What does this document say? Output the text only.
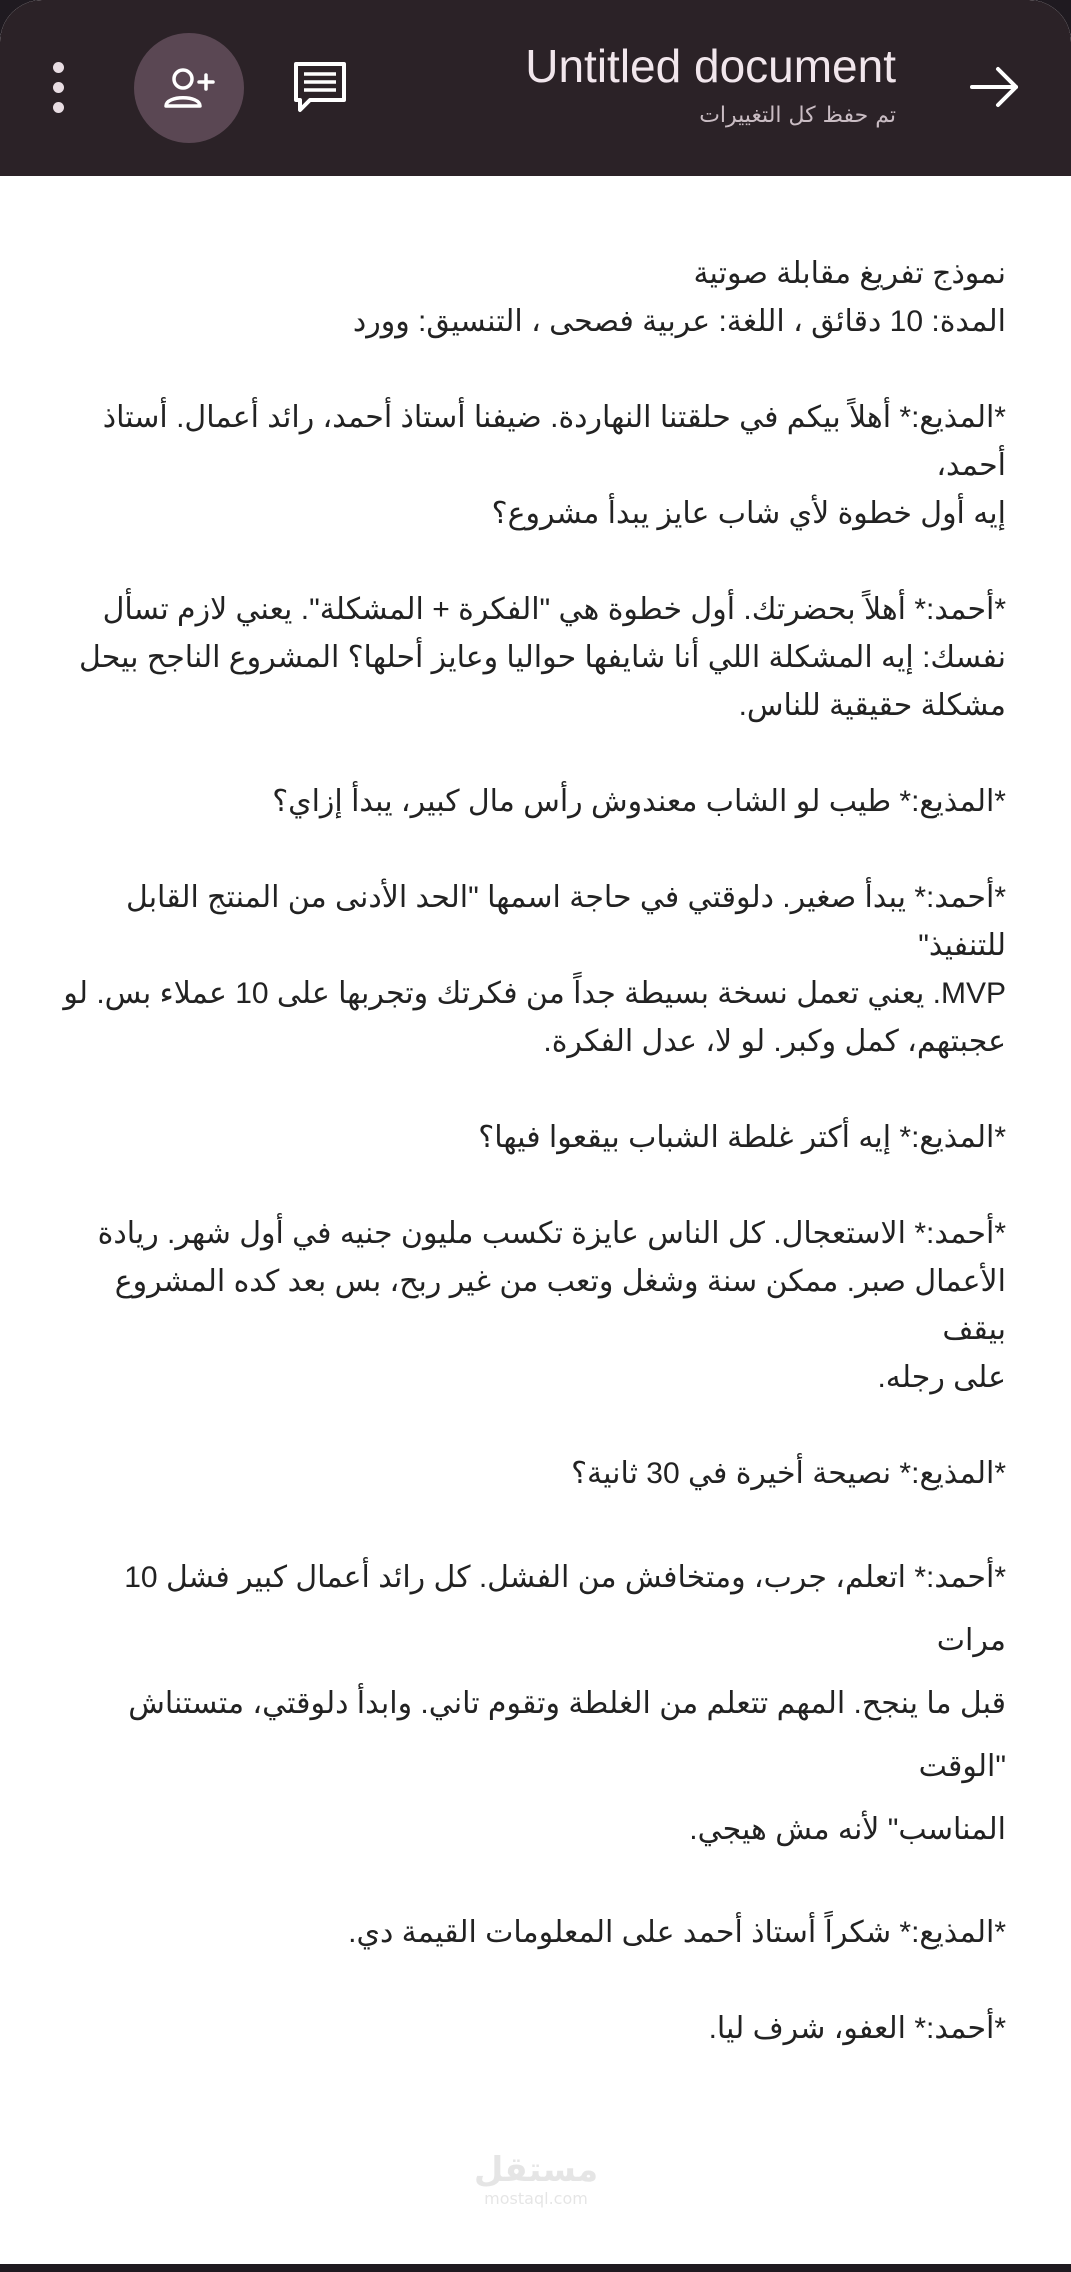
Untitled document
تم حفظ كل التغييرات
نموذج تفريغ مقابلة صوتية
المدة: 10 دقائق ، اللغة: عربية فصحى ، التنسيق: وورد
*المذيع:* أهلاً بيكم في حلقتنا النهاردة. ضيفنا أستاذ أحمد، رائد أعمال. أستاذ أحمد،
إيه أول خطوة لأي شاب عايز يبدأ مشروع؟
*أحمد:* أهلاً بحضرتك. أول خطوة هي "الفكرة + المشكلة". يعني لازم تسأل
نفسك: إيه المشكلة اللي أنا شايفها حواليا وعايز أحلها؟ المشروع الناجح بيحل
مشكلة حقيقية للناس.
*المذيع:* طيب لو الشاب معندوش رأس مال كبير، يبدأ إزاي؟
*أحمد:* يبدأ صغير. دلوقتي في حاجة اسمها "الحد الأدنى من المنتج القابل للتنفيذ"
MVP. يعني تعمل نسخة بسيطة جداً من فكرتك وتجربها على 10 عملاء بس. لو
عجبتهم، كمل وكبر. لو لا، عدل الفكرة.
*المذيع:* إيه أكتر غلطة الشباب بيقعوا فيها؟
*أحمد:* الاستعجال. كل الناس عايزة تكسب مليون جنيه في أول شهر. ريادة
الأعمال صبر. ممكن سنة وشغل وتعب من غير ربح، بس بعد كده المشروع بيقف
على رجله.
*المذيع:* نصيحة أخيرة في 30 ثانية؟
*أحمد:* اتعلم، جرب، ومتخافش من الفشل. كل رائد أعمال كبير فشل 10 مرات
قبل ما ينجح. المهم تتعلم من الغلطة وتقوم تاني. وابدأ دلوقتي، متستناش "الوقت
المناسب" لأنه مش هيجي.
*المذيع:* شكراً أستاذ أحمد على المعلومات القيمة دي.
*أحمد:* العفو، شرف ليا.
مستقل
mostaql.com
